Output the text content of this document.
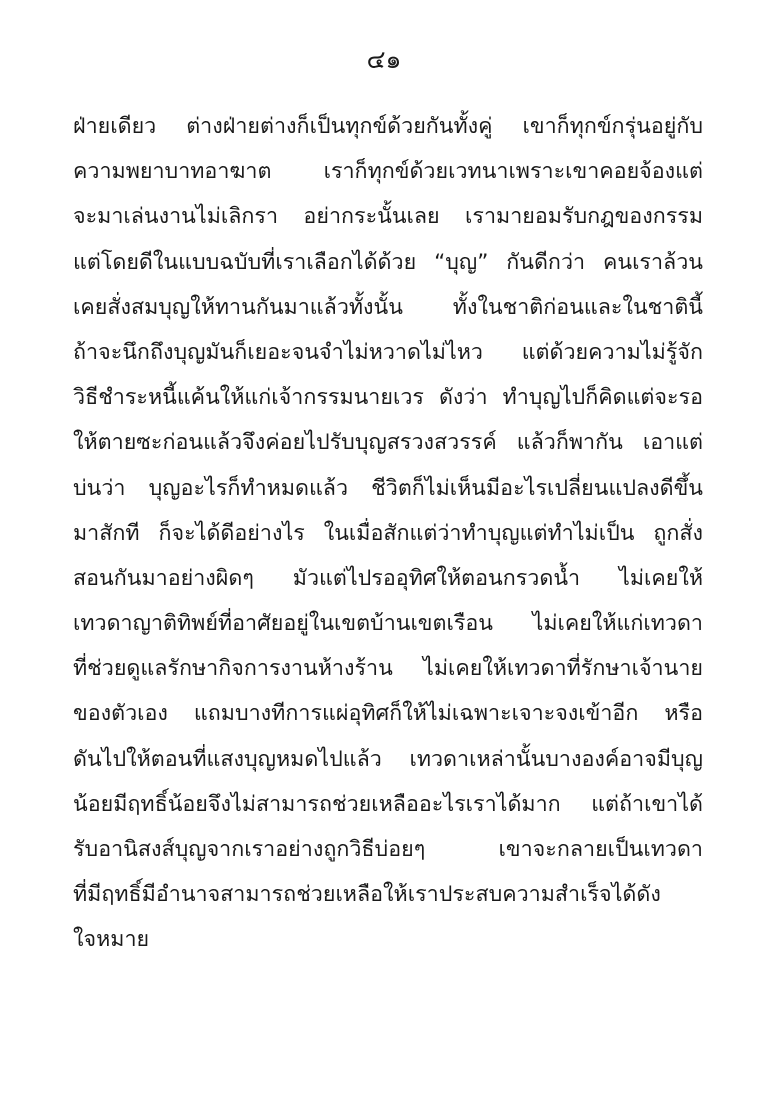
๔๑
ฝ่ายเดียว ต่างฝ่ายต่างก็เป็นทุกข์ด้วยกันทั้งคู่ เขาก็ทุกข์กรุ่นอยู่กับ
ความพยาบาทอาฆาต เราก็ทุกข์ด้วยเวทนาเพราะเขาคอยจ้องแต่
จะมาเล่นงานไม่เลิกรา อย่ากระนั้นเลย เรามายอมรับกฎของกรรม
แต่โดยดีในแบบฉบับที่เราเลือกได้ด้วย “บุญ” กันดีกว่า คนเราล้วน
เคยสั่งสมบุญให้ทานกันมาแล้วทั้งนั้น ทั้งในชาติก่อนและในชาตินี้
ถ้าจะนึกถึงบุญมันก็เยอะจนจำไม่หวาดไม่ไหว แต่ด้วยความไม่รู้จัก
วิธีชำระหนี้แค้นให้แก่เจ้ากรรมนายเวร ดังว่า ทำบุญไปก็คิดแต่จะรอ
ให้ตายซะก่อนแล้วจึงค่อยไปรับบุญสรวงสวรรค์ แล้วก็พากัน เอาแต่
บ่นว่า บุญอะไรก็ทำหมดแล้ว ชีวิตก็ไม่เห็นมีอะไรเปลี่ยนแปลงดีขึ้น
มาสักที ก็จะได้ดีอย่างไร ในเมื่อสักแต่ว่าทำบุญแต่ทำไม่เป็น ถูกสั่ง
สอนกันมาอย่างผิดๆ มัวแต่ไปรออุทิศให้ตอนกรวดน้ำ ไม่เคยให้
เทวดาญาติทิพย์ที่อาศัยอยู่ในเขตบ้านเขตเรือน ไม่เคยให้แก่เทวดา
ที่ช่วยดูแลรักษากิจการงานห้างร้าน ไม่เคยให้เทวดาที่รักษาเจ้านาย
ของตัวเอง แถมบางทีการแผ่อุทิศก็ให้ไม่เฉพาะเจาะจงเข้าอีก หรือ
ดันไปให้ตอนที่แสงบุญหมดไปแล้ว เทวดาเหล่านั้นบางองค์อาจมีบุญ
น้อยมีฤทธิ์น้อยจึงไม่สามารถช่วยเหลืออะไรเราได้มาก แต่ถ้าเขาได้
รับอานิสงส์บุญจากเราอย่างถูกวิธีบ่อยๆ เขาจะกลายเป็นเทวดา
ที่มีฤทธิ์มีอำนาจสามารถช่วยเหลือให้เราประสบความสำเร็จได้ดัง
ใจหมาย
